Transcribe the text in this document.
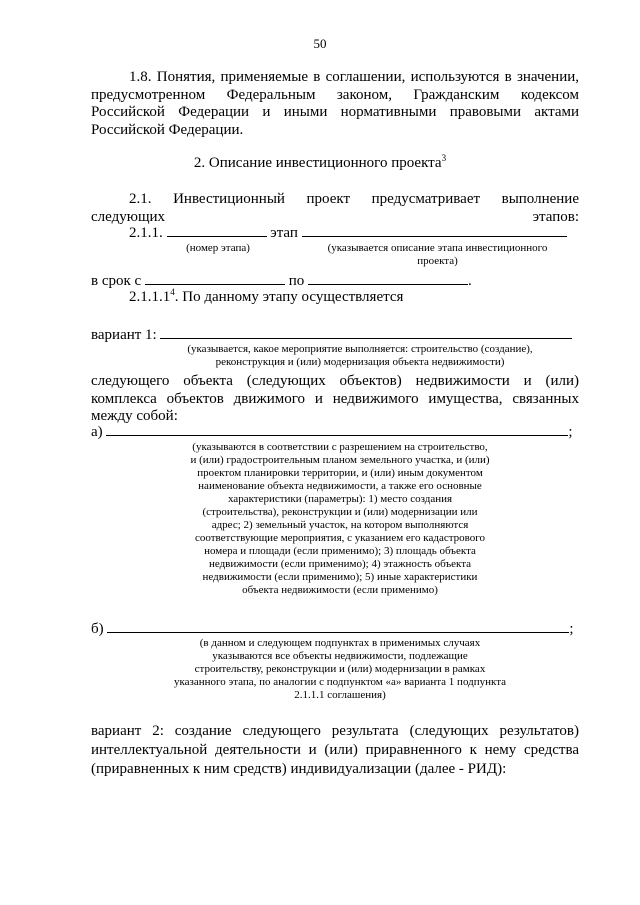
50
1.8. Понятия, применяемые в соглашении, используются в значении, предусмотренном Федеральным законом, Гражданским кодексом Российской Федерации и иными нормативными правовыми актами Российской Федерации.
2. Описание инвестиционного проекта$^3$
2.1. Инвестиционный проект предусматривает выполнение следующих этапов:
2.1.1.	этап
(номер этапа)	(указывается описание этапа инвестиционного
проекта)
в срок с	по	.
2.1.1.1$^4$. По данному этапу осуществляется
вариант 1:
(указывается, какое мероприятие выполняется: строительство (создание),
реконструкция и (или) модернизация объекта недвижимости)
следующего объекта (следующих объектов) недвижимости и (или) комплекса объектов движимого и недвижимого имущества, связанных между собой:
а)	;
(указываются в соответствии с разрешением на строительство,
и (или) градостроительным планом земельного участка, и (или)
проектом планировки территории, и (или) иным документом
наименование объекта недвижимости, а также его основные
характеристики (параметры): 1) место создания
(строительства), реконструкции и (или) модернизации или
адрес; 2) земельный участок, на котором выполняются
соответствующие мероприятия, с указанием его кадастрового
номера и площади (если применимо); 3) площадь объекта
недвижимости (если применимо); 4) этажность объекта
недвижимости (если применимо); 5) иные характеристики
объекта недвижимости (если применимо)
б)	;
(в данном и следующем подпунктах в применимых случаях
указываются все объекты недвижимости, подлежащие
строительству, реконструкции и (или) модернизации в рамках
указанного этапа, по аналогии с подпунктом «а» варианта 1 подпункта
2.1.1.1 соглашения)
вариант 2: создание следующего результата (следующих результатов) интеллектуальной деятельности и (или) приравненного к нему средства (приравненных к ним средств) индивидуализации (далее - РИД):
